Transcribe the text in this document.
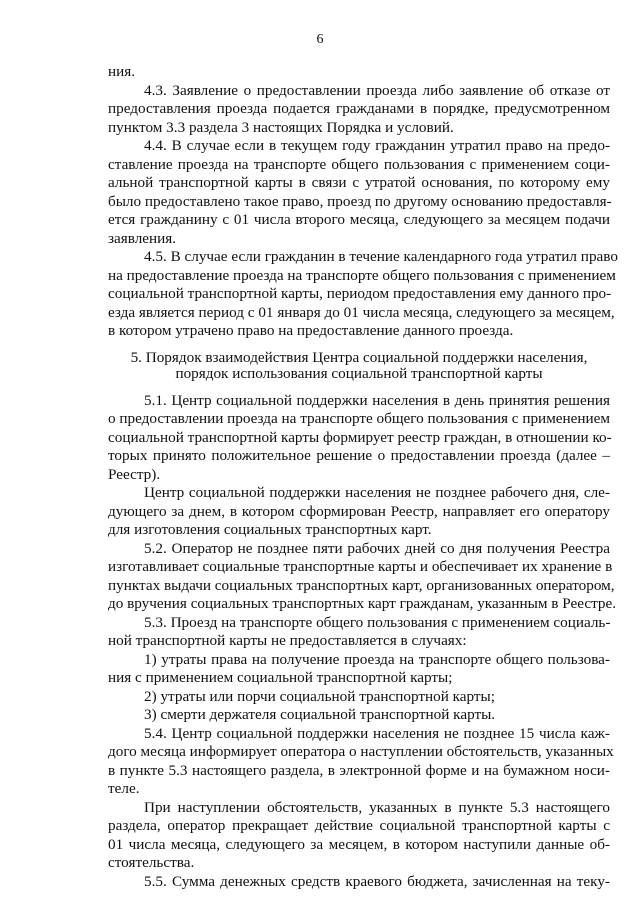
6
ния.
4.3. Заявление о предоставлении проезда либо заявление об отказе от
предоставления проезда подается гражданами в порядке, предусмотренном
пунктом 3.3 раздела 3 настоящих Порядка и условий.
4.4. В случае если в текущем году гражданин утратил право на предо-
ставление проезда на транспорте общего пользования с применением соци-
альной транспортной карты в связи с утратой основания, по которому ему
было предоставлено такое право, проезд по другому основанию предоставля-
ется гражданину с 01 числа второго месяца, следующего за месяцем подачи
заявления.
4.5. В случае если гражданин в течение календарного года утратил право
на предоставление проезда на транспорте общего пользования с применением
социальной транспортной карты, периодом предоставления ему данного про-
езда является период с 01 января до 01 числа месяца, следующего за месяцем,
в котором утрачено право на предоставление данного проезда.
5. Порядок взаимодействия Центра социальной поддержки населения,
порядок использования социальной транспортной карты
5.1. Центр социальной поддержки населения в день принятия решения
о предоставлении проезда на транспорте общего пользования с применением
социальной транспортной карты формирует реестр граждан, в отношении ко-
торых принято положительное решение о предоставлении проезда (далее –
Реестр).
Центр социальной поддержки населения не позднее рабочего дня, сле-
дующего за днем, в котором сформирован Реестр, направляет его оператору
для изготовления социальных транспортных карт.
5.2. Оператор не позднее пяти рабочих дней со дня получения Реестра
изготавливает социальные транспортные карты и обеспечивает их хранение в
пунктах выдачи социальных транспортных карт, организованных оператором,
до вручения социальных транспортных карт гражданам, указанным в Реестре.
5.3. Проезд на транспорте общего пользования с применением социаль-
ной транспортной карты не предоставляется в случаях:
1) утраты права на получение проезда на транспорте общего пользова-
ния с применением социальной транспортной карты;
2) утраты или порчи социальной транспортной карты;
3) смерти держателя социальной транспортной карты.
5.4. Центр социальной поддержки населения не позднее 15 числа каж-
дого месяца информирует оператора о наступлении обстоятельств, указанных
в пункте 5.3 настоящего раздела, в электронной форме и на бумажном носи-
теле.
При наступлении обстоятельств, указанных в пункте 5.3 настоящего
раздела, оператор прекращает действие социальной транспортной карты с
01 числа месяца, следующего за месяцем, в котором наступили данные об-
стоятельства.
5.5. Сумма денежных средств краевого бюджета, зачисленная на теку-
